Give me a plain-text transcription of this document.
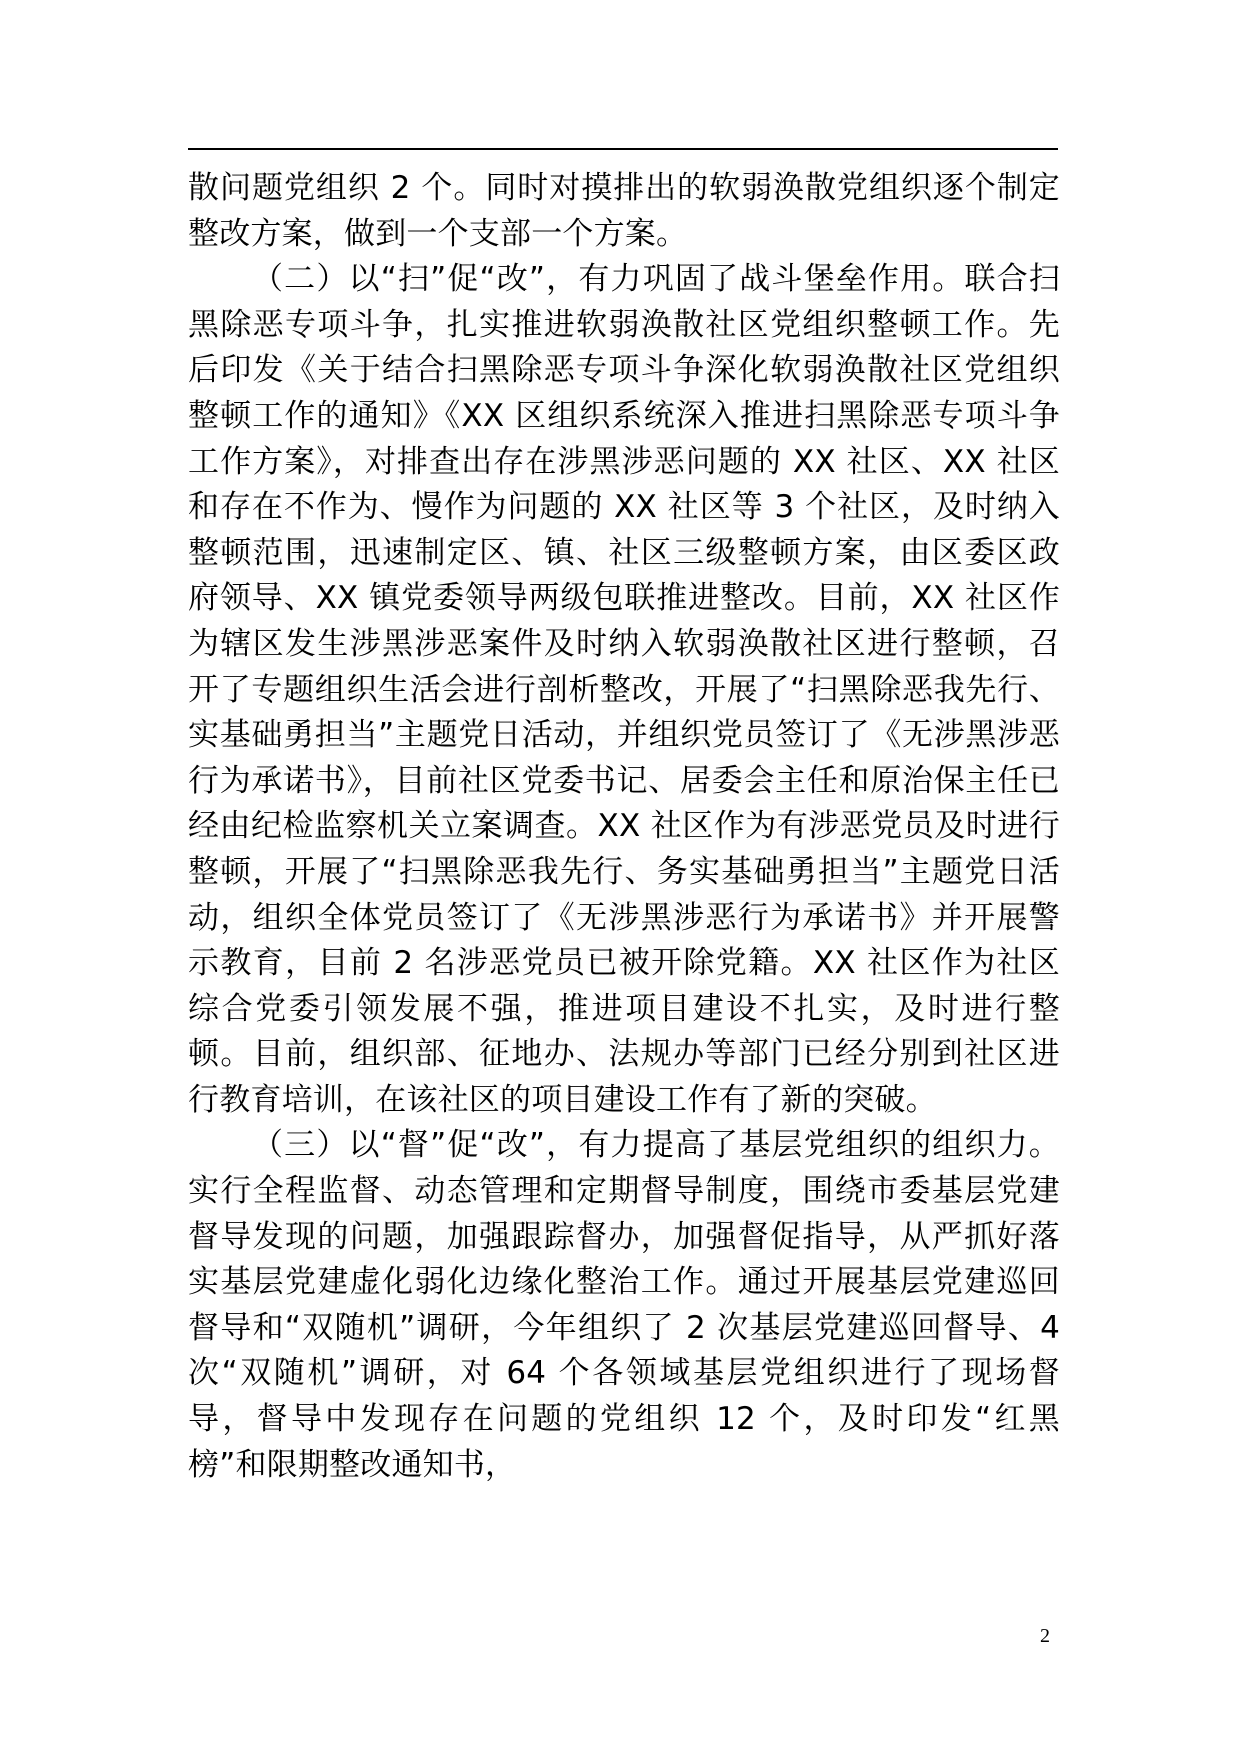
散问题党组织 2 个。同时对摸排出的软弱涣散党组织逐个制定整改方案，做到一个支部一个方案。

（二）以“扫”促“改”，有力巩固了战斗堡垒作用。联合扫黑除恶专项斗争，扎实推进软弱涣散社区党组织整顿工作。先后印发《关于结合扫黑除恶专项斗争深化软弱涣散社区党组织整顿工作的通知》《XX 区组织系统深入推进扫黑除恶专项斗争工作方案》，对排查出存在涉黑涉恶问题的 XX 社区、XX 社区和存在不作为、慢作为问题的 XX 社区等 3 个社区，及时纳入整顿范围，迅速制定区、镇、社区三级整顿方案，由区委区政府领导、XX 镇党委领导两级包联推进整改。目前，XX 社区作为辖区发生涉黑涉恶案件及时纳入软弱涣散社区进行整顿，召开了专题组织生活会进行剖析整改，开展了“扫黑除恶我先行、实基础勇担当”主题党日活动，并组织党员签订了《无涉黑涉恶行为承诺书》，目前社区党委书记、居委会主任和原治保主任已经由纪检监察机关立案调查。XX 社区作为有涉恶党员及时进行整顿，开展了“扫黑除恶我先行、务实基础勇担当”主题党日活动，组织全体党员签订了《无涉黑涉恶行为承诺书》并开展警示教育，目前 2 名涉恶党员已被开除党籍。XX 社区作为社区综合党委引领发展不强，推进项目建设不扎实，及时进行整顿。目前，组织部、征地办、法规办等部门已经分别到社区进行教育培训，在该社区的项目建设工作有了新的突破。

（三）以“督”促“改”，有力提高了基层党组织的组织力。实行全程监督、动态管理和定期督导制度，围绕市委基层党建督导发现的问题，加强跟踪督办，加强督促指导，从严抓好落实基层党建虚化弱化边缘化整治工作。通过开展基层党建巡回督导和“双随机”调研，今年组织了 2 次基层党建巡回督导、4 次“双随机”调研，对 64 个各领域基层党组织进行了现场督导，督导中发现存在问题的党组织 12 个，及时印发“红黑榜”和限期整改通知书，

2
